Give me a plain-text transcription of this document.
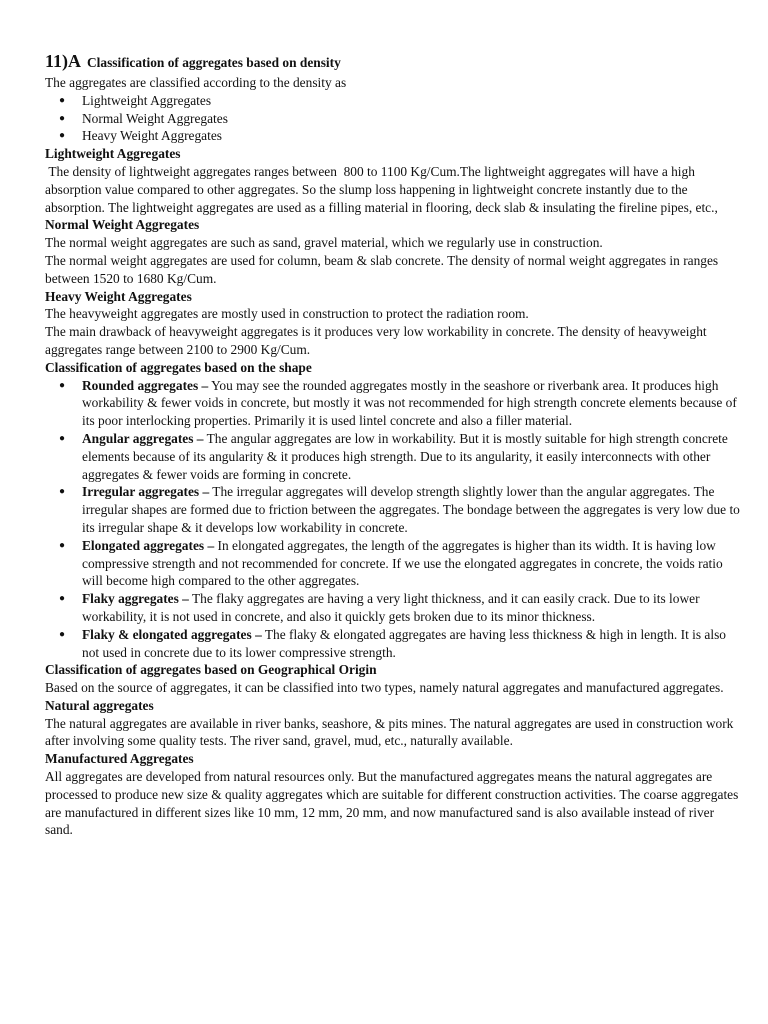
11)A Classification of aggregates based on density

The aggregates are classified according to the density as

● Lightweight Aggregates
● Normal Weight Aggregates
● Heavy Weight Aggregates

Lightweight Aggregates

The density of lightweight aggregates ranges between  800 to 1100 Kg/Cum.The lightweight aggregates will have a high absorption value compared to other aggregates. So the slump loss happening in lightweight concrete instantly due to the absorption. The lightweight aggregates are used as a filling material in flooring, deck slab & insulating the fireline pipes, etc.,

Normal Weight Aggregates

The normal weight aggregates are such as sand, gravel material, which we regularly use in construction.

The normal weight aggregates are used for column, beam & slab concrete. The density of normal weight aggregates in ranges between 1520 to 1680 Kg/Cum.

Heavy Weight Aggregates

The heavyweight aggregates are mostly used in construction to protect the radiation room.

The main drawback of heavyweight aggregates is it produces very low workability in concrete. The density of heavyweight aggregates range between 2100 to 2900 Kg/Cum.

Classification of aggregates based on the shape

● Rounded aggregates – You may see the rounded aggregates mostly in the seashore or riverbank area. It produces high workability & fewer voids in concrete, but mostly it was not recommended for high strength concrete elements because of its poor interlocking properties. Primarily it is used lintel concrete and also a filler material.
● Angular aggregates – The angular aggregates are low in workability. But it is mostly suitable for high strength concrete elements because of its angularity & it produces high strength. Due to its angularity, it easily interconnects with other aggregates & fewer voids are forming in concrete.
● Irregular aggregates – The irregular aggregates will develop strength slightly lower than the angular aggregates. The irregular shapes are formed due to friction between the aggregates. The bondage between the aggregates is very low due to its irregular shape & it develops low workability in concrete.
● Elongated aggregates – In elongated aggregates, the length of the aggregates is higher than its width. It is having low compressive strength and not recommended for concrete. If we use the elongated aggregates in concrete, the voids ratio will become high compared to the other aggregates.
● Flaky aggregates – The flaky aggregates are having a very light thickness, and it can easily crack. Due to its lower workability, it is not used in concrete, and also it quickly gets broken due to its minor thickness.
● Flaky & elongated aggregates – The flaky & elongated aggregates are having less thickness & high in length. It is also not used in concrete due to its lower compressive strength.

Classification of aggregates based on Geographical Origin

Based on the source of aggregates, it can be classified into two types, namely natural aggregates and manufactured aggregates.

Natural aggregates

The natural aggregates are available in river banks, seashore, & pits mines. The natural aggregates are used in construction work after involving some quality tests. The river sand, gravel, mud, etc., naturally available.

Manufactured Aggregates

All aggregates are developed from natural resources only. But the manufactured aggregates means the natural aggregates are processed to produce new size & quality aggregates which are suitable for different construction activities. The coarse aggregates are manufactured in different sizes like 10 mm, 12 mm, 20 mm, and now manufactured sand is also available instead of river sand.
